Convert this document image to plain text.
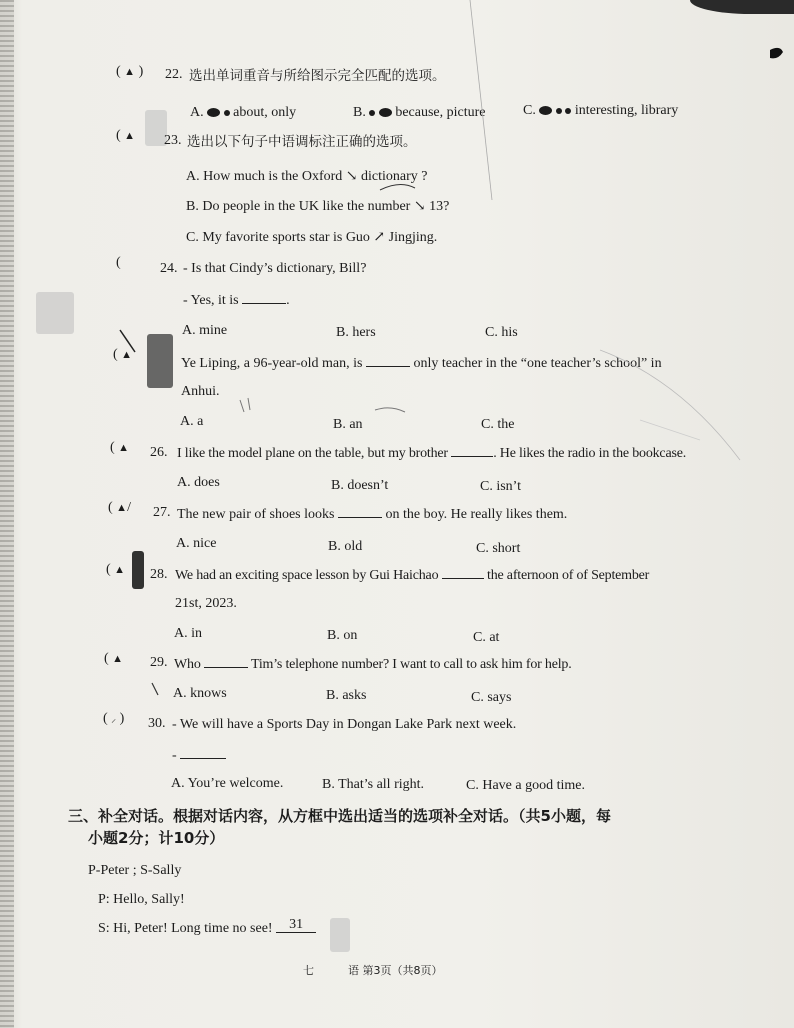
( ▲ ) 22. 选出单词重音与所给图示完全匹配的选项。
A. about, only	B. because, picture	C.	interesting, library
( ▲ 23. 选出以下句子中语调标注正确的选项。
A. How much is the Oxford ↘ dictionary ?
B. Do people in the UK like the number ↘ 13?
C. My favorite sports star is Guo ↗ Jingjing.
(	24. - Is that Cindy’s dictionary, Bill?
- Yes, it is	.
A. mine	B. hers	C. his
( ▲
Ye Liping, a 96-year-old man, is	only teacher in the “one teacher’s school” in
Anhui.
A. a	B. an	C. the
( ▲ 26. I like the model plane on the table, but my brother	. He likes the radio in the bookcase.
A. does	B. doesn’t	C. isn’t
( ▲/ 27. The new pair of shoes looks	on the boy. He really likes them.
A. nice	B. old	C. short
( ▲ 28. We had an exciting space lesson by Gui Haichao	the afternoon of of September
21st, 2023.
A. in	B. on	C. at
( ▲ 29. Who	Tim’s telephone number? I want to call to ask him for help.
A. knows	B. asks	C. says
( ⸝ ) 30. - We will have a Sports Day in Dongan Lake Park next week.
-
A. You’re welcome.	B. That’s all right.	C. Have a good time.
三、补全对话。根据对话内容，从方框中选出适当的选项补全对话。（共5小题，每
小题2分；计10分）
P-Peter ; S-Sally
P: Hello, Sally!
S: Hi, Peter! Long time no see! 31
七	语 第3页（共8页）
